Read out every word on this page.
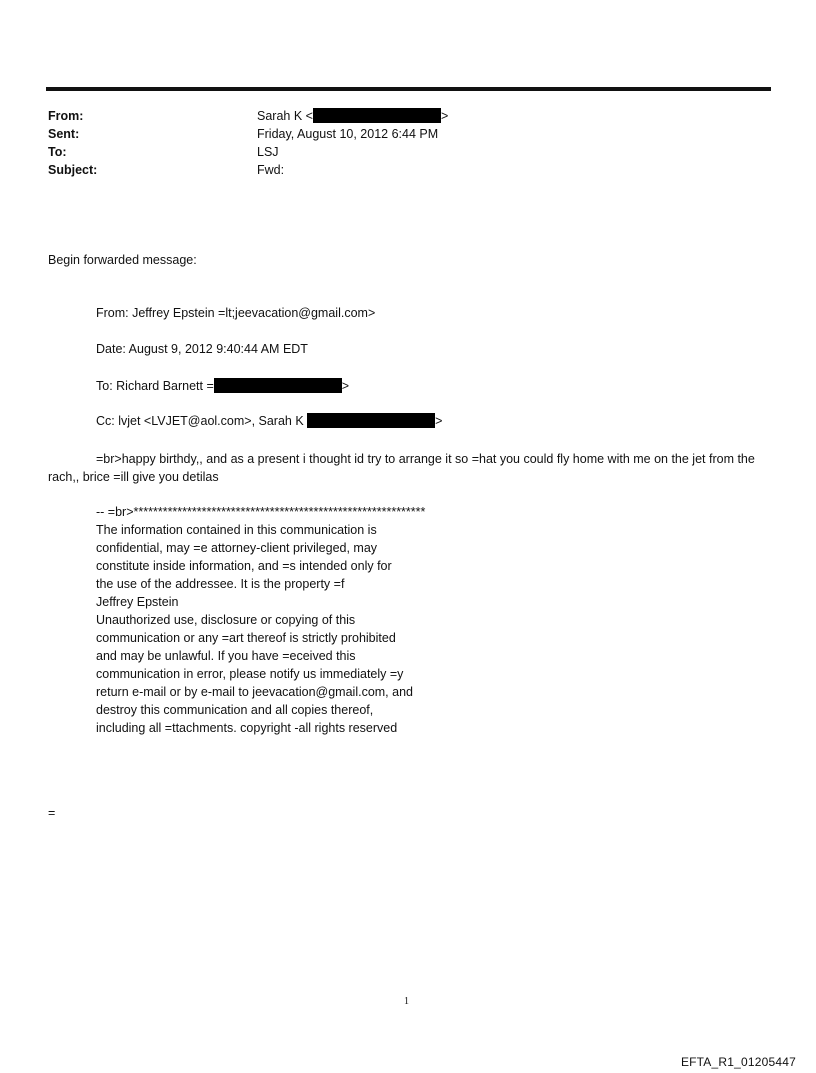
From:	Sarah K <	>
Sent:	Friday, August 10, 2012 6:44 PM
To:	LSJ
Subject:	Fwd:
Begin forwarded message:
From: Jeffrey Epstein =lt;jeevacation@gmail.com>
Date: August 9, 2012 9:40:44 AM EDT
To: Richard Barnett =	>
Cc: lvjet <LVJET@aol.com>, Sarah K	>
=br>happy birthdy,, and as a present i thought id try to arrange it so =hat you could fly home with me on the jet from the rach,, brice =ill give you detilas
-- =br>************************************************************
The information contained in this communication is
confidential, may =e attorney-client privileged, may
constitute inside information, and =s intended only for
the use of the addressee. It is the property =f
Jeffrey Epstein
Unauthorized use, disclosure or copying of this
communication or any =art thereof is strictly prohibited
and may be unlawful. If you have =eceived this
communication in error, please notify us immediately =y
return e-mail or by e-mail to jeevacation@gmail.com, and
destroy this communication and all copies thereof,
including all =ttachments. copyright -all rights reserved
=
1
EFTA_R1_01205447
